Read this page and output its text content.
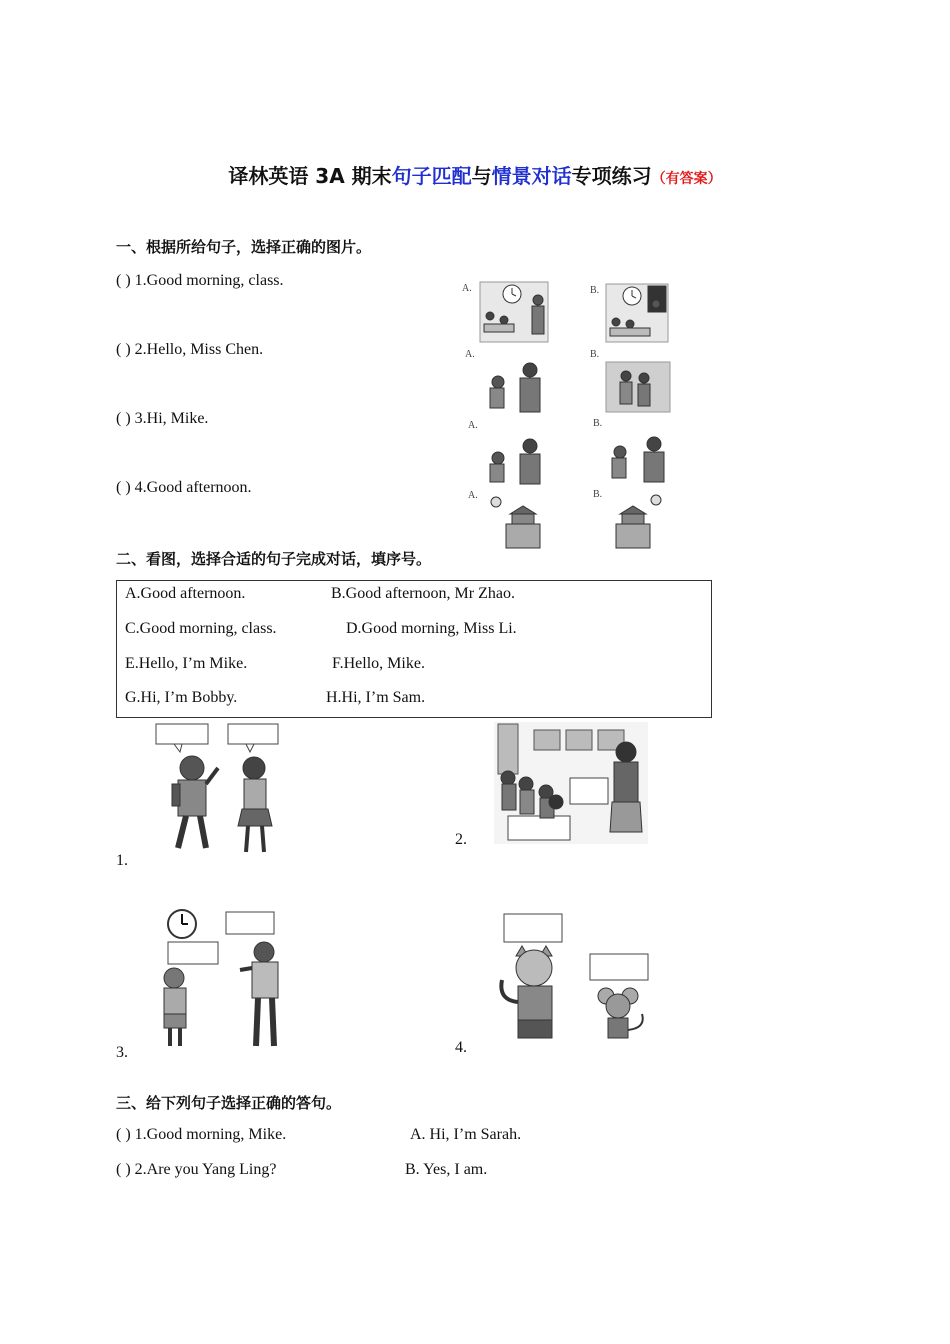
译林英语 3A 期末句子匹配与情景对话专项练习（有答案）
一、根据所给句子，选择正确的图片。
( ) 1.Good morning, class.
( ) 2.Hello, Miss Chen.
( ) 3.Hi, Mike.
( ) 4.Good afternoon.
A.	B.
A.	B.
A.	B.
A.	B.
二、看图，选择合适的句子完成对话，填序号。
A.Good afternoon.	B.Good afternoon, Mr Zhao.
C.Good morning, class.	D.Good morning, Miss Li.
E.Hello, I’m Mike.	F.Hello, Mike.
G.Hi, I’m Bobby.	H.Hi, I’m Sam.
1.
2.
3.	4.
三、给下列句子选择正确的答句。
( ) 1.Good morning, Mike.	A. Hi, I’m Sarah.
( ) 2.Are you Yang Ling?	B. Yes, I am.
